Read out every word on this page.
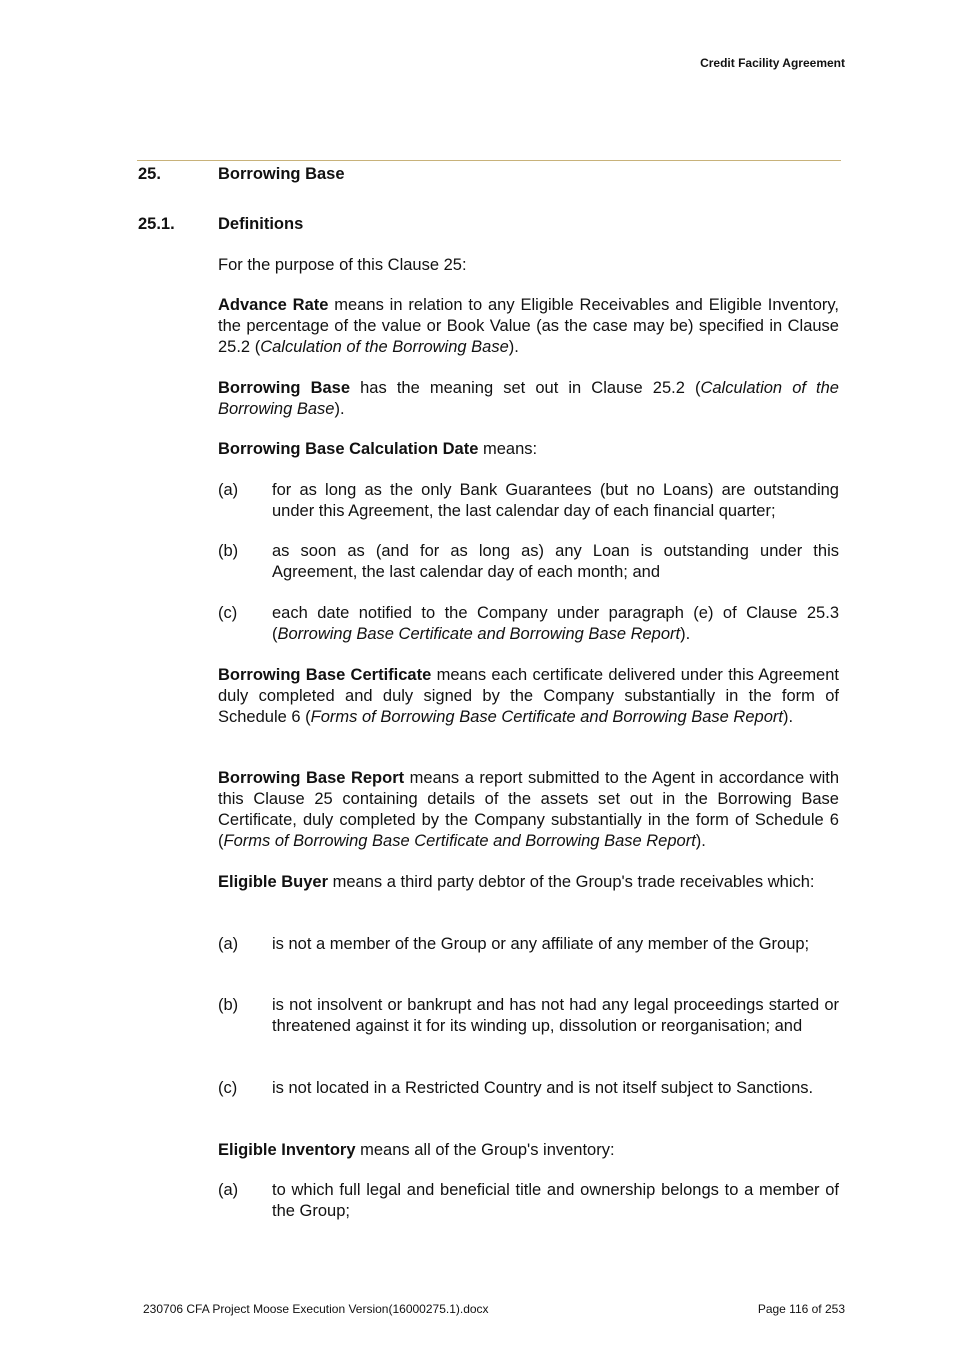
Credit Facility Agreement
25.	Borrowing Base
25.1.	Definitions

For the purpose of this Clause 25:

Advance Rate means in relation to any Eligible Receivables and Eligible Inventory, the percentage of the value or Book Value (as the case may be) specified in Clause 25.2 (Calculation of the Borrowing Base).

Borrowing Base has the meaning set out in Clause 25.2 (Calculation of the Borrowing Base).

Borrowing Base Calculation Date means:

(a) for as long as the only Bank Guarantees (but no Loans) are outstanding under this Agreement, the last calendar day of each financial quarter;
(b) as soon as (and for as long as) any Loan is outstanding under this Agreement, the last calendar day of each month; and
(c) each date notified to the Company under paragraph (e) of Clause 25.3 (Borrowing Base Certificate and Borrowing Base Report).

Borrowing Base Certificate means each certificate delivered under this Agreement duly completed and duly signed by the Company substantially in the form of Schedule 6 (Forms of Borrowing Base Certificate and Borrowing Base Report).

Borrowing Base Report means a report submitted to the Agent in accordance with this Clause 25 containing details of the assets set out in the Borrowing Base Certificate, duly completed by the Company substantially in the form of Schedule 6 (Forms of Borrowing Base Certificate and Borrowing Base Report).

Eligible Buyer means a third party debtor of the Group's trade receivables which:

(a) is not a member of the Group or any affiliate of any member of the Group;
(b) is not insolvent or bankrupt and has not had any legal proceedings started or threatened against it for its winding up, dissolution or reorganisation; and
(c) is not located in a Restricted Country and is not itself subject to Sanctions.

Eligible Inventory means all of the Group's inventory:

(a) to which full legal and beneficial title and ownership belongs to a member of the Group;
230706 CFA Project Moose Execution Version(16000275.1).docx	Page 116 of 253
